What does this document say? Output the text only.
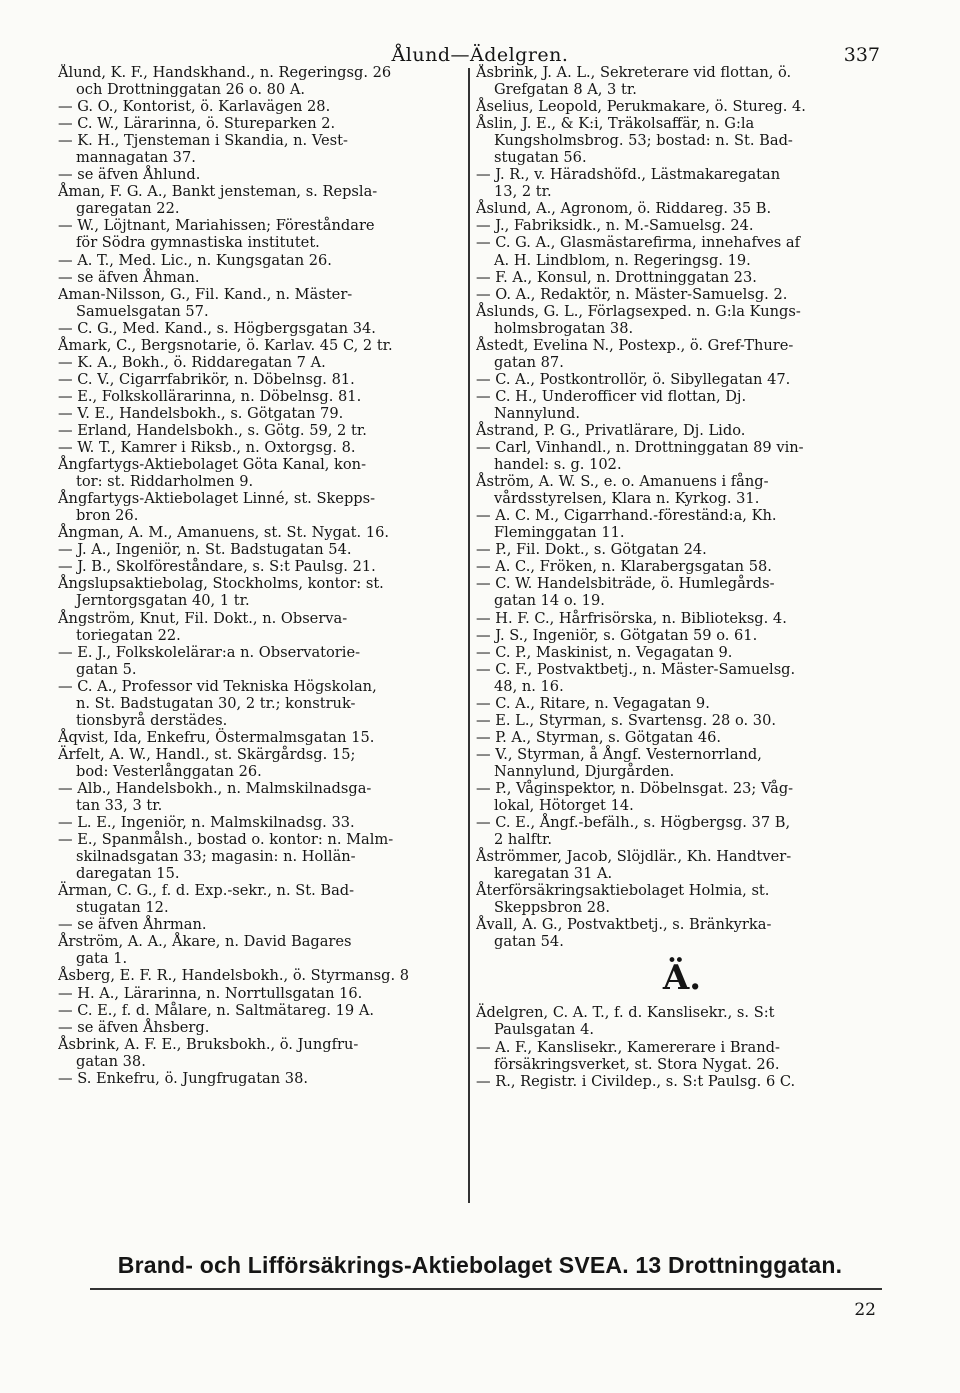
Ålund—Ädelgren.	337
Ålund, K. F., Handskhand., n. Regeringsg. 26
och Drottninggatan 26 o. 80 A.
— G. O., Kontorist, ö. Karlavägen 28.
— C. W., Lärarinna, ö. Stureparken 2.
— K. H., Tjensteman i Skandia, n. Vest-
mannagatan 37.
— se äfven Åhlund.
Åman, F. G. A., Bankt jensteman, s. Repsla-
garegatan 22.
— W., Löjtnant, Mariahissen; Föreståndare
för Södra gymnastiska institutet.
— A. T., Med. Lic., n. Kungsgatan 26.
— se äfven Åhman.
Aman-Nilsson, G., Fil. Kand., n. Mäster-
Samuelsgatan 57.
— C. G., Med. Kand., s. Högbergsgatan 34.
Åmark, C., Bergsnotarie, ö. Karlav. 45 C, 2 tr.
— K. A., Bokh., ö. Riddaregatan 7 A.
— C. V., Cigarrfabrikör, n. Döbelnsg. 81.
— E., Folkskollärarinna, n. Döbelnsg. 81.
— V. E., Handelsbokh., s. Götgatan 79.
— Erland, Handelsbokh., s. Götg. 59, 2 tr.
— W. T., Kamrer i Riksb., n. Oxtorgsg. 8.
Ångfartygs-Aktiebolaget Göta Kanal, kon-
tor: st. Riddarholmen 9.
Ångfartygs-Aktiebolaget Linné, st. Skepps-
bron 26.
Ångman, A. M., Amanuens, st. St. Nygat. 16.
— J. A., Ingeniör, n. St. Badstugatan 54.
— J. B., Skolföreståndare, s. S:t Paulsg. 21.
Ångslupsaktiebolag, Stockholms, kontor: st.
Jerntorgsgatan 40, 1 tr.
Ångström, Knut, Fil. Dokt., n. Observa-
toriegatan 22.
— E. J., Folkskolelärar:a n. Observatorie-
gatan 5.
— C. A., Professor vid Tekniska Högskolan,
n. St. Badstugatan 30, 2 tr.; konstruk-
tionsbyrå derstädes.
Åqvist, Ida, Enkefru, Östermalmsgatan 15.
Ärfelt, A. W., Handl., st. Skärgårdsg. 15;
bod: Vesterlånggatan 26.
— Alb., Handelsbokh., n. Malmskilnadsga-
tan 33, 3 tr.
— L. E., Ingeniör, n. Malmskilnadsg. 33.
— E., Spanmålsh., bostad o. kontor: n. Malm-
skilnadsgatan 33; magasin: n. Hollän-
daregatan 15.
Ärman, C. G., f. d. Exp.-sekr., n. St. Bad-
stugatan 12.
— se äfven Åhrman.
Årström, A. A., Åkare, n. David Bagares
gata 1.
Åsberg, E. F. R., Handelsbokh., ö. Styrmansg. 8
— H. A., Lärarinna, n. Norrtullsgatan 16.
— C. E., f. d. Målare, n. Saltmätareg. 19 A.
— se äfven Åhsberg.
Åsbrink, A. F. E., Bruksbokh., ö. Jungfru-
gatan 38.
— S. Enkefru, ö. Jungfrugatan 38.
Åsbrink, J. A. L., Sekreterare vid flottan, ö.
Grefgatan 8 A, 3 tr.
Åselius, Leopold, Perukmakare, ö. Stureg. 4.
Åslin, J. E., & K:i, Träkolsaffär, n. G:la
Kungsholmsbrog. 53; bostad: n. St. Bad-
stugatan 56.
— J. R., v. Häradshöfd., Lästmakaregatan
13, 2 tr.
Åslund, A., Agronom, ö. Riddareg. 35 B.
— J., Fabriksidk., n. M.-Samuelsg. 24.
— C. G. A., Glasmästarefirma, innehafves af
A. H. Lindblom, n. Regeringsg. 19.
— F. A., Konsul, n. Drottninggatan 23.
— O. A., Redaktör, n. Mäster-Samuelsg. 2.
Åslunds, G. L., Förlagsexped. n. G:la Kungs-
holmsbrogatan 38.
Åstedt, Evelina N., Postexp., ö. Gref-Thure-
gatan 87.
— C. A., Postkontrollör, ö. Sibyllegatan 47.
— C. H., Underofficer vid flottan, Dj.
Nannylund.
Åstrand, P. G., Privatlärare, Dj. Lido.
— Carl, Vinhandl., n. Drottninggatan 89 vin-
handel: s. g. 102.
Åström, A. W. S., e. o. Amanuens i fång-
vårdsstyrelsen, Klara n. Kyrkog. 31.
— A. C. M., Cigarrhand.-föreständ:a, Kh.
Fleminggatan 11.
— P., Fil. Dokt., s. Götgatan 24.
— A. C., Fröken, n. Klarabergsgatan 58.
— C. W. Handelsbiträde, ö. Humlegårds-
gatan 14 o. 19.
— H. F. C., Hårfrisörska, n. Biblioteksg. 4.
— J. S., Ingeniör, s. Götgatan 59 o. 61.
— C. P., Maskinist, n. Vegagatan 9.
— C. F., Postvaktbetj., n. Mäster-Samuelsg.
48, n. 16.
— C. A., Ritare, n. Vegagatan 9.
— E. L., Styrman, s. Svartensg. 28 o. 30.
— P. A., Styrman, s. Götgatan 46.
— V., Styrman, å Ångf. Vesternorrland,
Nannylund, Djurgården.
— P., Våginspektor, n. Döbelnsgat. 23; Våg-
lokal, Hötorget 14.
— C. E., Ångf.-befälh., s. Högbergsg. 37 B,
2 halftr.
Åströmmer, Jacob, Slöjdlär., Kh. Handtver-
karegatan 31 A.
Återförsäkringsaktiebolaget Holmia, st.
Skeppsbron 28.
Åvall, A. G., Postvaktbetj., s. Bränkyrka-
gatan 54.
Ä.
Ädelgren, C. A. T., f. d. Kanslisekr., s. S:t
Paulsgatan 4.
— A. F., Kanslisekr., Kamererare i Brand-
försäkringsverket, st. Stora Nygat. 26.
— R., Registr. i Civildep., s. S:t Paulsg. 6 C.
Brand- och Lifförsäkrings-Aktiebolaget SVEA. 13 Drottninggatan.
22
